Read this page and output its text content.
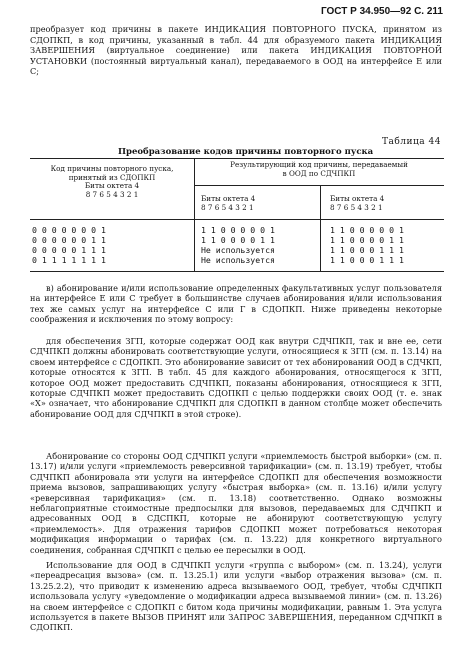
ГОСТ Р 34.950—92 С. 211
преобразует код причины в пакете ИНДИКАЦИЯ ПОВТОРНОГО ПУСКА, принятом из СДОПКП, в код причины, указанный в табл. 44 для образуемого пакета ИНДИКАЦИЯ ЗАВЕРШЕНИЯ (виртуальное соединение) или пакета ИНДИКАЦИЯ ПОВТОРНОЙ УСТАНОВКИ (постоянный виртуальный канал), передаваемого в ООД на интерфейсе Е или С;
Таблица 44
Преобразование кодов причины повторного пуска
Код причины повторного пуска,
принятый из СДОПКП
Биты октета 4
8 7 6 5 4 3 2 1
Результирующий код причины, передаваемый
в ООД по СДЧПКП
Биты октета 4
8 7 6 5 4 3 2 1
Биты октета 4
8 7 6 5 4 3 2 1
0 0 0 0 0 0 0 1
0 0 0 0 0 0 1 1
0 0 0 0 0 1 1 1
0 1 1 1 1 1 1 1
1 1 0 0 0 0 0 1
1 1 0 0 0 0 1 1
Не используется
Не используется
1 1 0 0 0 0 0 1
1 1 0 0 0 0 1 1
1 1 0 0 0 1 1 1
1 1 0 0 0 1 1 1
в) абонирование и/или использование определенных факультативных услуг пользователя на интерфейсе Е или С требует в большинстве случаев абонирования и/или использования тех же самых услуг на интерфейсе С или Г в СДОПКП. Ниже приведены некоторые соображения и исключения по этому вопросу:
для обеспечения ЗГП, которые содержат ООД как внутри СДЧПКП, так и вне ее, сети СДЧПКП должны абонировать соответствующие услуги, относящиеся к ЗГП (см. п. 13.14) на своем интерфейсе с СДОПКП. Это абонирование зависит от тех абонирований ООД в СДЧКП, которые относятся к ЗГП. В табл. 45 для каждого абонирования, относящегося к ЗГП, которое ООД может предоставить СДЧПКП, показаны абонирования, относящиеся к ЗГП, которые СДЧПКП может предоставить СДОПКП с целью поддержки своих ООД (т. е. знак «Х» означает, что абонирование СДЧПКП для СДОПКП в данном столбце может обеспечить абонирование ООД для СДЧПКП в этой строке).
Абонирование со стороны ООД СДЧПКП услуги «приемлемость быстрой выборки» (см. п. 13.17) и/или услуги «приемлемость реверсивной тарификации» (см. п. 13.19) требует, чтобы СДЧПКП абонировала эти услуги на интерфейсе СДОПКП для обеспечения возможности приема вызовов, запрашивающих услугу «быстрая выборка» (см. п. 13.16) и/или услугу «реверсивная тарификация» (см. п. 13.18) соответственно. Однако возможны неблагоприятные стоимостные предпосылки для вызовов, передаваемых для СДЧПКП и адресованных ООД в СДСПКП, которые не абонируют соответствующую услугу «приемлемость». Для отражения тарифов СДОПКП может потребоваться некоторая модификация информации о тарифах (см. п. 13.22) для конкретного виртуального соединения, собранная СДЧПКП с целью ее пересылки в ООД.
Использование для ООД в СДЧПКП услуги «группа с выбором» (см. п. 13.24), услуги «переадресация вызова» (см. п. 13.25.1) или услуги «выбор отражения вызова» (см. п. 13.25.2.2), что приводит к изменению адреса вызываемого ООД, требует, чтобы СДЧПКП использовала услугу «уведомление о модификации адреса вызываемой линии» (см. п. 13.26) на своем интерфейсе с СДОПКП с битом кода причины модификации, равным 1. Эта услуга используется в пакете ВЫЗОВ ПРИНЯТ или ЗАПРОС ЗАВЕРШЕНИЯ, переданном СДЧПКП в СДОПКП.
